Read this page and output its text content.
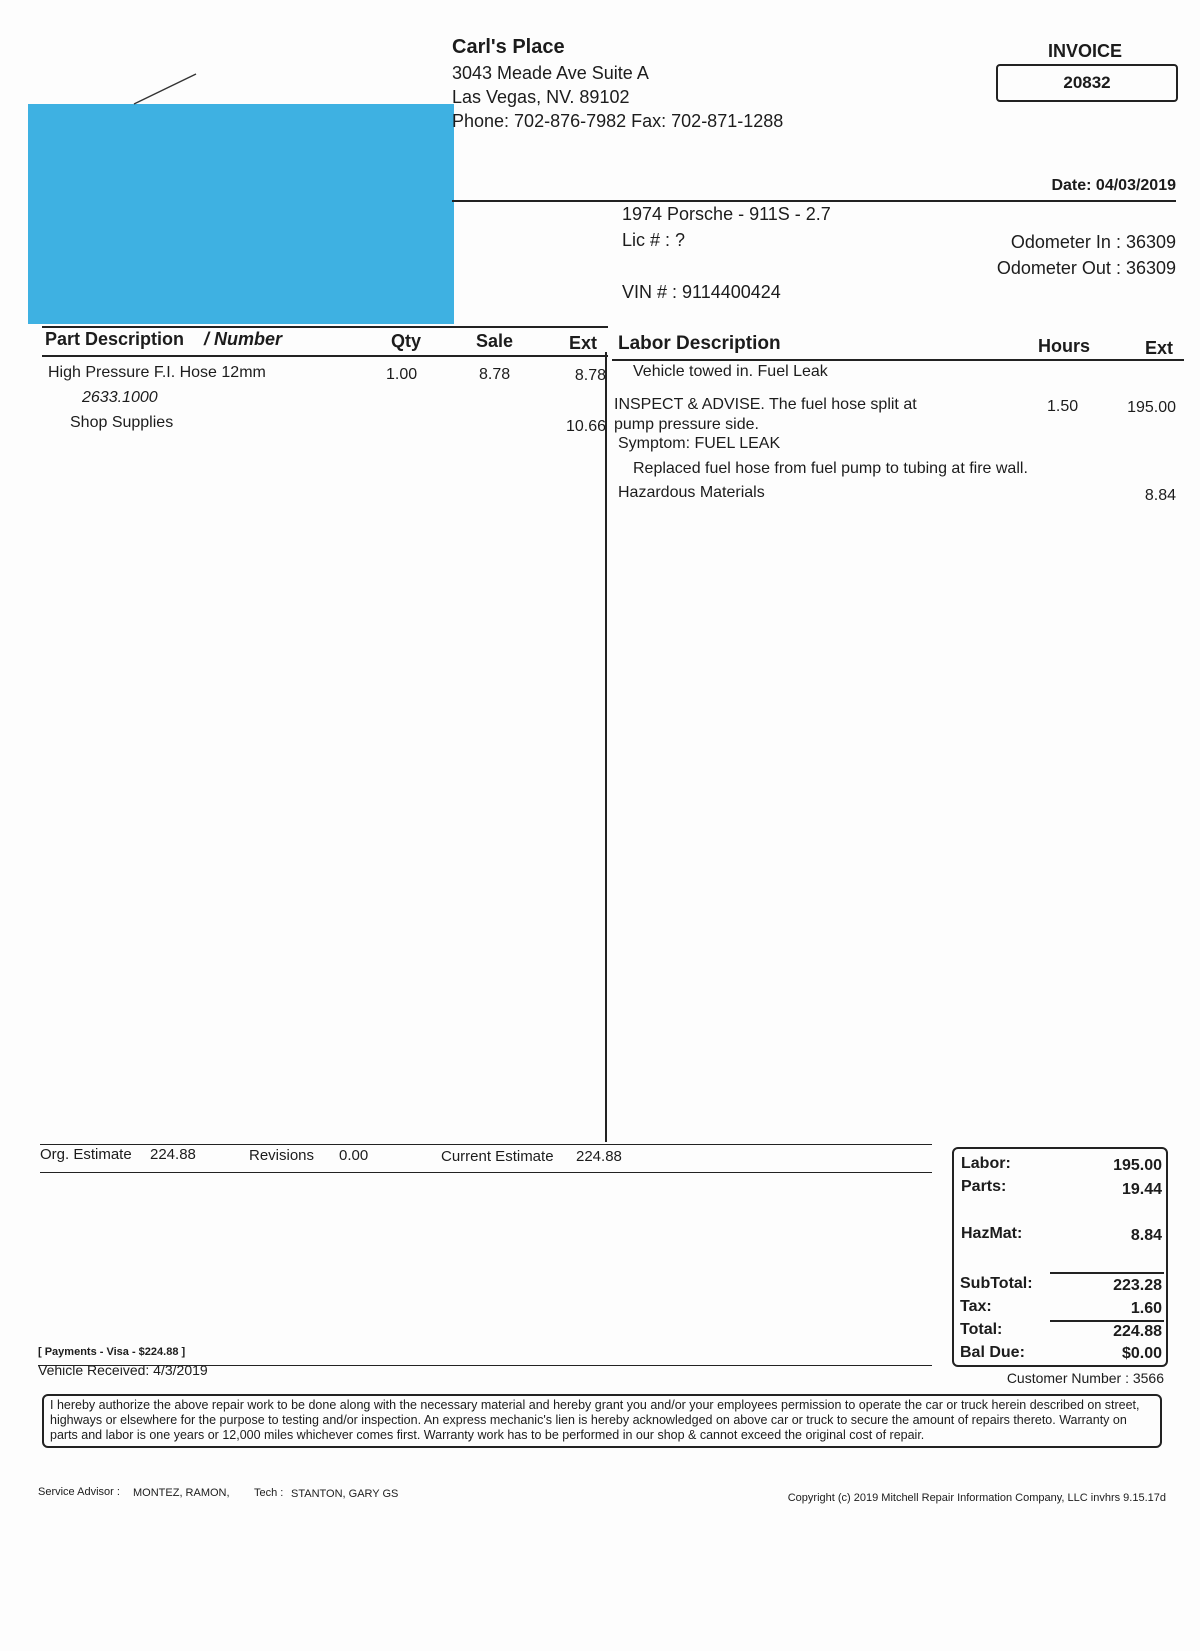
Carl's Place
3043 Meade Ave Suite A
Las Vegas, NV. 89102
Phone: 702-876-7982 Fax: 702-871-1288
INVOICE
20832
Date: 04/03/2019
1974 Porsche - 911S - 2.7
Lic # : ?
VIN # : 9114400424
Odometer In : 36309
Odometer Out : 36309
Part Description / Number	Qty	Sale	Ext Labor Description	Hours	Ext
High Pressure F.I. Hose 12mm	1.00	8.78	8.78
2633.1000
Shop Supplies	10.66
Vehicle towed in. Fuel Leak
INSPECT & ADVISE. The fuel hose split at	1.50	195.00
pump pressure side.
Symptom: FUEL LEAK
Replaced fuel hose from fuel pump to tubing at fire wall.
Hazardous Materials	8.84
Org. Estimate 224.88	Revisions 0.00	Current Estimate 224.88
[ Payments - Visa - $224.88 ]
Vehicle Received: 4/3/2019
Labor:	195.00
Parts:	19.44
HazMat:	8.84
SubTotal:	223.28
Tax:	1.60
Total:	224.88
Bal Due:	$0.00
Customer Number : 3566
I hereby authorize the above repair work to be done along with the necessary material and hereby grant you and/or your employees permission to operate the car or truck herein described on street, highways or elsewhere for the purpose to testing and/or inspection. An express mechanic's lien is hereby acknowledged on above car or truck to secure the amount of repairs thereto. Warranty on parts and labor is one years or 12,000 miles whichever comes first. Warranty work has to be performed in our shop & cannot exceed the original cost of repair.
Service Advisor : MONTEZ, RAMON, Tech : STANTON, GARY GS	Copyright (c) 2019 Mitchell Repair Information Company, LLC invhrs 9.15.17d
